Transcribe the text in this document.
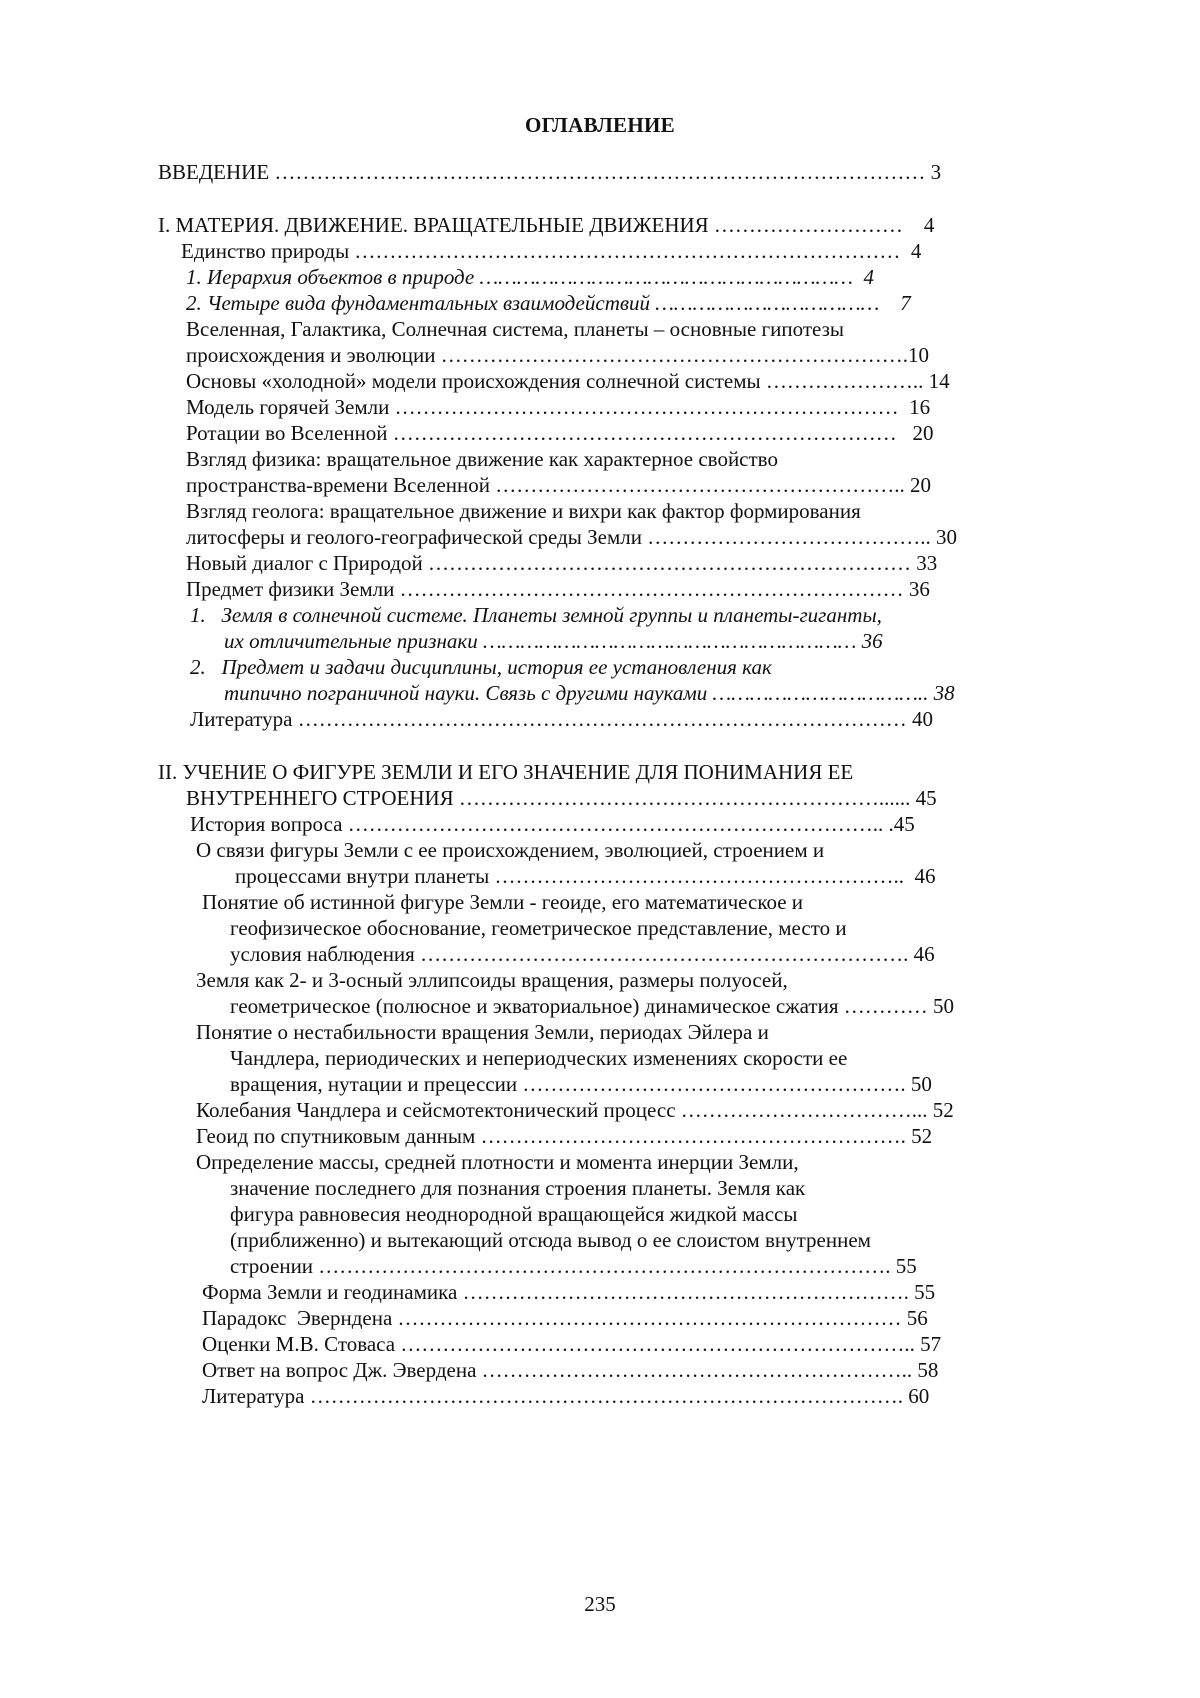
ОГЛАВЛЕНИЕ
ВВЕДЕНИЕ ………………………………………………………………………………… 3
I. МАТЕРИЯ. ДВИЖЕНИЕ. ВРАЩАТЕЛЬНЫЕ ДВИЖЕНИЯ ………………………    4
Единство природы ……………………………………………………………………  4
1. Иерархия объектов в природе ……………………………………………………  4
2. Четыре вида фундаментальных взаимодействий ………………………………    7
Вселенная, Галактика, Солнечная система, планеты – основные гипотезы
происхождения и эволюции ………………………………………………………….10
Основы «холодной» модели происхождения солнечной системы ………………….. 14
Модель горячей Земли ………………………………………………………………  16
Ротации во Вселенной ………………………………………………………………   20
Взгляд физика: вращательное движение как характерное свойство
пространства-времени Вселенной ………………………………………………….. 20
Взгляд геолога: вращательное движение и вихри как фактор формирования
литосферы и геолого-географической среды Земли ………………………………….. 30
Новый диалог с Природой …………………………………………………………… 33
Предмет физики Земли ……………………………………………………………… 36
1.   Земля в солнечной системе. Планеты земной группы и планеты-гиганты,
их отличительные признаки …………………………………………………… 36
2.   Предмет и задачи дисциплины, история ее установления как
типично пограничной науки. Связь с другими науками …………………………….. 38
Литература …………………………………………………………………………… 40
II. УЧЕНИЕ О ФИГУРЕ ЗЕМЛИ И ЕГО ЗНАЧЕНИЕ ДЛЯ ПОНИМАНИЯ ЕЕ
ВНУТРЕННЕГО СТРОЕНИЯ ……………………………………………………...... 45
История вопроса ………………………………………………………………….. .45
О связи фигуры Земли с ее происхождением, эволюцией, строением и
процессами внутри планеты …………………………………………………..  46
Понятие об истинной фигуре Земли - геоиде, его математическое и
геофизическое обоснование, геометрическое представление, место и
условия наблюдения ……………………………………………………………. 46
Земля как 2- и 3-осный эллипсоиды вращения, размеры полуосей,
геометрическое (полюсное и экваториальное) динамическое сжатия ………… 50
Понятие о нестабильности вращения Земли, периодах Эйлера и
Чандлера, периодических и непериодческих изменениях скорости ее
вращения, нутации и прецессии ………………………………………………. 50
Колебания Чандлера и сейсмотектонический процесс ……………………………... 52
Геоид по спутниковым данным ……………………………………………………. 52
Определение массы, средней плотности и момента инерции Земли,
значение последнего для познания строения планеты. Земля как
фигура равновесия неоднородной вращающейся жидкой массы
(приближенно) и вытекающий отсюда вывод о ее слоистом внутреннем
строении ………………………………………………………………………. 55
Форма Земли и геодинамика ………………………………………………………. 55
Парадокс  Эверндена ……………………………………………………………… 56
Оценки М.В. Стоваса ……………………………………………………………….. 57
Ответ на вопрос Дж. Эвердена …………………………………………………….. 58
Литература …………………………………………………………………………. 60
235
